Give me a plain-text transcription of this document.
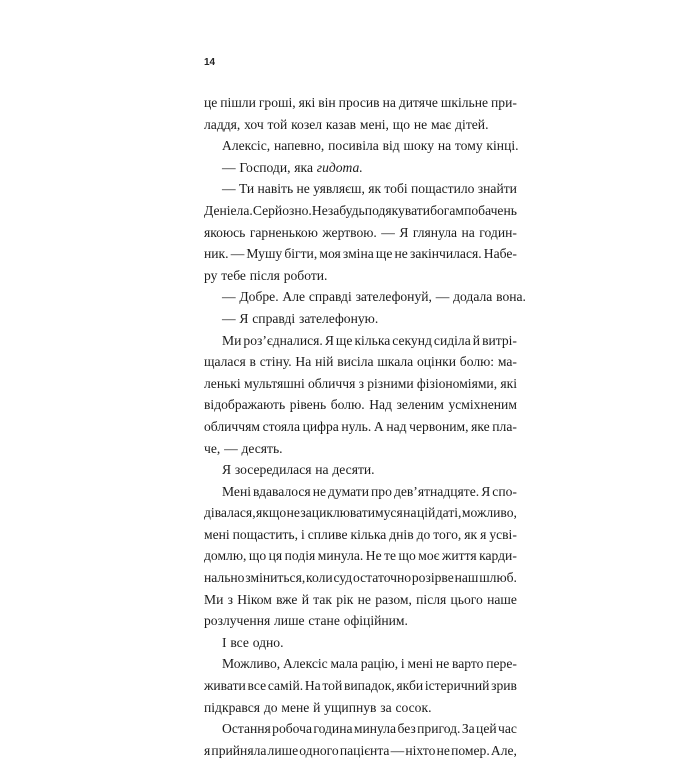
14
це пішли гроші, які він просив на дитяче шкільне при-
ладдя, хоч той козел казав мені, що не має дітей.
Алексіс, напевно, посивіла від шоку на тому кінці.
— Господи, яка гидота.
— Ти навіть не уявляєш, як тобі пощастило знайти
Деніела. Серйозно. Не забудь подякувати богам побачень
якоюсь гарненькою жертвою. — Я глянула на годин-
ник. — Мушу бігти, моя зміна ще не закінчилася. Набе-
ру тебе після роботи.
— Добре. Але справді зателефонуй, — додала вона.
— Я справді зателефоную.
Ми роз’єдналися. Я ще кілька секунд сиділа й витрі-
щалася в стіну. На ній висіла шкала оцінки болю: ма-
ленькі мультяшні обличчя з різними фізіономіями, які
відображають рівень болю. Над зеленим усміхненим
обличчям стояла цифра нуль. А над червоним, яке пла-
че, — десять.
Я зосередилася на десяти.
Мені вдавалося не думати про дев’ятнадцяте. Я спо-
дівалася, якщо не зациклюватимуся на цій даті, можливо,
мені пощастить, і спливе кілька днів до того, як я усві-
домлю, що ця подія минула. Не те що моє життя карди-
нально зміниться, коли суд остаточно розірве наш шлюб.
Ми з Ніком вже й так рік не разом, після цього наше
розлучення лише стане офіційним.
І все одно.
Можливо, Алексіс мала рацію, і мені не варто пере-
живати все самій. На той випадок, якби істеричний зрив
підкрався до мене й ущипнув за сосок.
Остання робоча година минула без пригод. За цей час
я прийняла лише одного пацієнта — ніхто не помер. Але,
